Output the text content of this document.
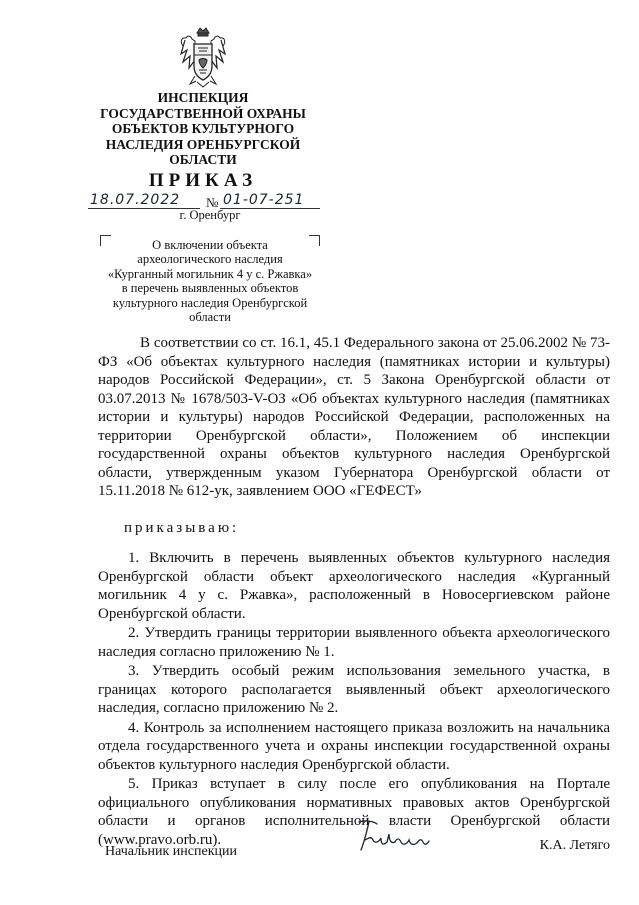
ИНСПЕКЦИЯ
ГОСУДАРСТВЕННОЙ ОХРАНЫ
ОБЪЕКТОВ КУЛЬТУРНОГО
НАСЛЕДИЯ ОРЕНБУРГСКОЙ
ОБЛАСТИ
ПРИКАЗ
18.07.2022 № 01-07-251
г. Оренбург
О включении объекта
археологического наследия
«Курганный могильник 4 у с. Ржавка»
в перечень выявленных объектов
культурного наследия Оренбургской
области

В соответствии со ст. 16.1, 45.1 Федерального закона от 25.06.2002 № 73-ФЗ «Об объектах культурного наследия (памятниках истории и культуры) народов Российской Федерации», ст. 5 Закона Оренбургской области от 03.07.2013 № 1678/503-V-ОЗ «Об объектах культурного наследия (памятниках истории и культуры) народов Российской Федерации, расположенных на территории Оренбургской области», Положением об инспекции государственной охраны объектов культурного наследия Оренбургской области, утвержденным указом Губернатора Оренбургской области от 15.11.2018 № 612-ук, заявлением ООО «ГЕФЕСТ»

приказываю:

1. Включить в перечень выявленных объектов культурного наследия Оренбургской области объект археологического наследия «Курганный могильник 4 у с. Ржавка», расположенный в Новосергиевском районе Оренбургской области.

2. Утвердить границы территории выявленного объекта археологического наследия согласно приложению № 1.

3. Утвердить особый режим использования земельного участка, в границах которого располагается выявленный объект археологического наследия, согласно приложению № 2.

4. Контроль за исполнением настоящего приказа возложить на начальника отдела государственного учета и охраны инспекции государственной охраны объектов культурного наследия Оренбургской области.

5. Приказ вступает в силу после его опубликования на Портале официального опубликования нормативных правовых актов Оренбургской области и органов исполнительной власти Оренбургской области (www.pravo.orb.ru).

Начальник инспекции	К.А. Летяго
